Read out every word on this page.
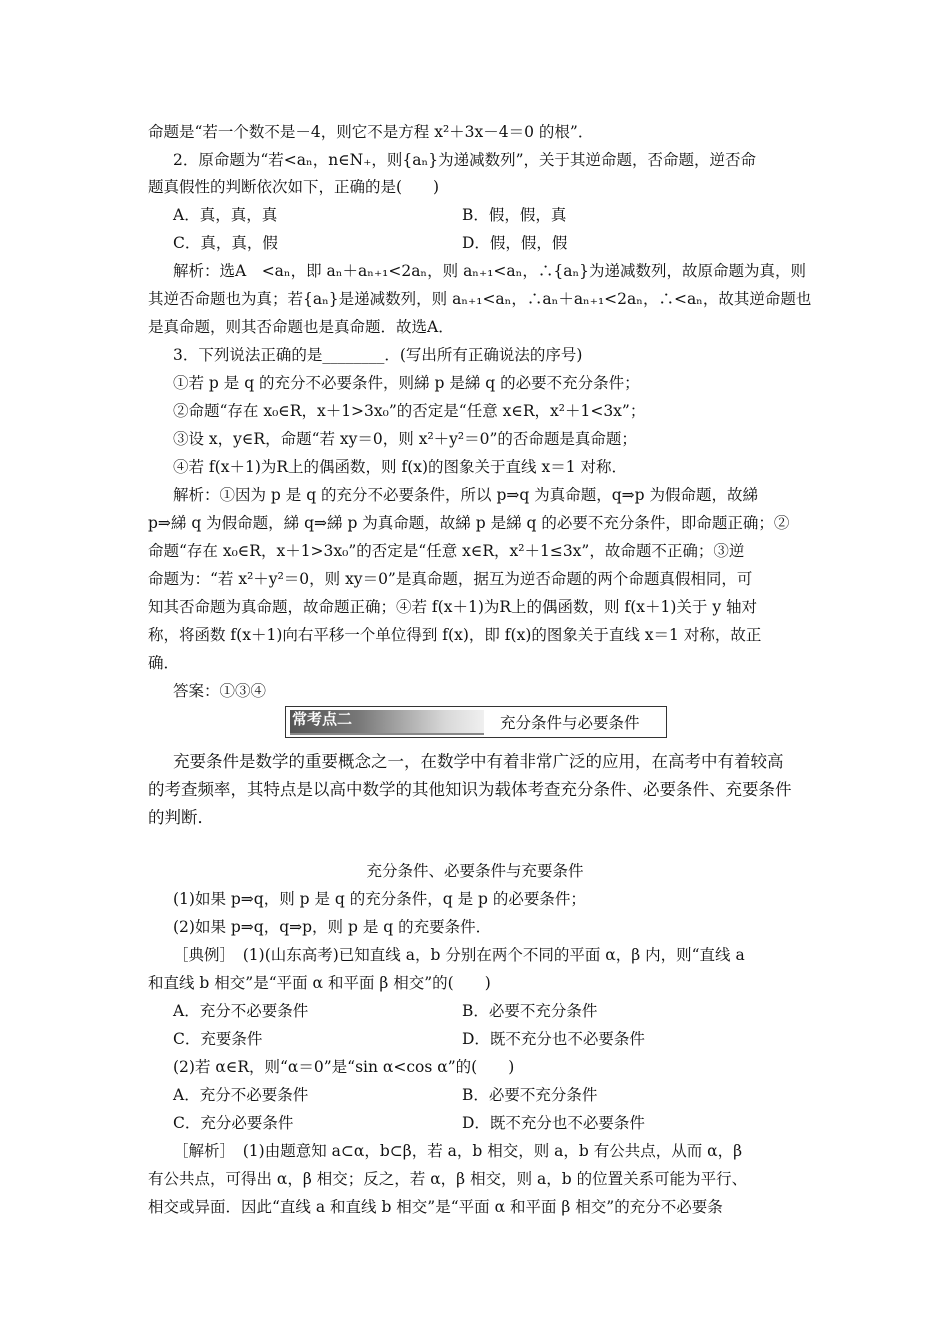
命题是“若一个数不是－4，则它不是方程 x²＋3x－4＝0 的根”．
2．原命题为“若<aₙ，n∈N₊，则{aₙ}为递减数列”，关于其逆命题，否命题，逆否命
题真假性的判断依次如下，正确的是(　　)
A．真，真，真	B．假，假，真
C．真，真，假	D．假，假，假
解析：选A　<aₙ，即 aₙ＋aₙ₊₁<2aₙ，则 aₙ₊₁<aₙ，∴{aₙ}为递减数列，故原命题为真，则
其逆否命题也为真；若{aₙ}是递减数列，则 aₙ₊₁<aₙ，∴aₙ＋aₙ₊₁<2aₙ，∴<aₙ，故其逆命题也
是真命题，则其否命题也是真命题．故选A．
3．下列说法正确的是________．(写出所有正确说法的序号)
①若 p 是 q 的充分不必要条件，则綈 p 是綈 q 的必要不充分条件；
②命题“存在 x₀∈R，x＋1>3x₀”的否定是“任意 x∈R，x²＋1<3x”；
③设 x，y∈R，命题“若 xy＝0，则 x²＋y²＝0”的否命题是真命题；
④若 f(x＋1)为R上的偶函数，则 f(x)的图象关于直线 x＝1 对称．
解析：①因为 p 是 q 的充分不必要条件，所以 p⇒q 为真命题，q⇒p 为假命题，故綈
p⇒綈 q 为假命题，綈 q⇒綈 p 为真命题，故綈 p 是綈 q 的必要不充分条件，即命题正确；②
命题“存在 x₀∈R，x＋1>3x₀”的否定是“任意 x∈R，x²＋1≤3x”，故命题不正确；③逆
命题为：“若 x²＋y²＝0，则 xy＝0”是真命题，据互为逆否命题的两个命题真假相同，可
知其否命题为真命题，故命题正确；④若 f(x＋1)为R上的偶函数，则 f(x＋1)关于 y 轴对
称，将函数 f(x＋1)向右平移一个单位得到 f(x)，即 f(x)的图象关于直线 x＝1 对称，故正
确．
答案：①③④
常考点二	充分条件与必要条件
充要条件是数学的重要概念之一，在数学中有着非常广泛的应用，在高考中有着较高
的考查频率，其特点是以高中数学的其他知识为载体考查充分条件、必要条件、充要条件
的判断．
充分条件、必要条件与充要条件
(1)如果 p⇒q，则 p 是 q 的充分条件，q 是 p 的必要条件；
(2)如果 p⇒q，q⇒p，则 p 是 q 的充要条件．
［典例］　(1)(山东高考)已知直线 a，b 分别在两个不同的平面 α，β 内，则“直线 a
和直线 b 相交”是“平面 α 和平面 β 相交”的(　　)
A．充分不必要条件	B．必要不充分条件
C．充要条件	D．既不充分也不必要条件
(2)若 α∈R，则“α＝0”是“sin α<cos α”的(　　)
A．充分不必要条件	B．必要不充分条件
C．充分必要条件	D．既不充分也不必要条件
［解析］　(1)由题意知 a⊂α，b⊂β，若 a，b 相交，则 a，b 有公共点，从而 α，β
有公共点，可得出 α，β 相交；反之，若 α，β 相交，则 a，b 的位置关系可能为平行、
相交或异面．因此“直线 a 和直线 b 相交”是“平面 α 和平面 β 相交”的充分不必要条
